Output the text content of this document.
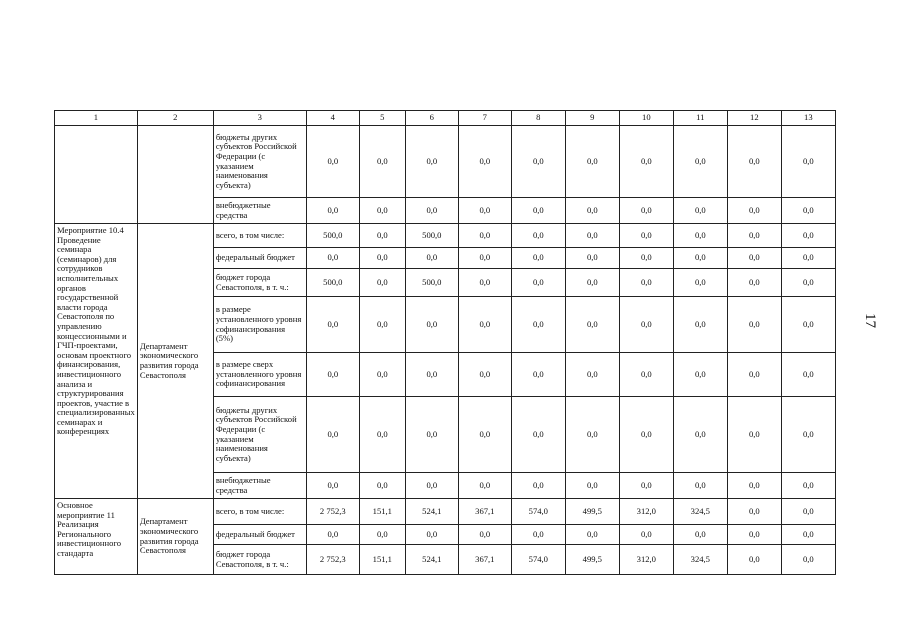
17
1	2	3	4	5	6	7	8	9	10	11	12	13
		бюджеты других субъектов Российской Федерации (с указанием наименования субъекта)	0,0	0,0	0,0	0,0	0,0	0,0	0,0	0,0	0,0	0,0
		внебюджетные средства	0,0	0,0	0,0	0,0	0,0	0,0	0,0	0,0	0,0	0,0
Мероприятие 10.4 Проведение семинара (семинаров) для сотрудников исполнительных органов государственной власти города Севастополя по управлению концессионными и ГЧП-проектами, основам проектного финансирования, инвестиционного анализа и структурирования проектов, участие в специализированных семинарах и конференциях	Департамент экономического развития города Севастополя	всего, в том числе:	500,0	0,0	500,0	0,0	0,0	0,0	0,0	0,0	0,0	0,0
		федеральный бюджет	0,0	0,0	0,0	0,0	0,0	0,0	0,0	0,0	0,0	0,0
		бюджет города Севастополя, в т. ч.:	500,0	0,0	500,0	0,0	0,0	0,0	0,0	0,0	0,0	0,0
		в размере установленного уровня софинансирования (5%)	0,0	0,0	0,0	0,0	0,0	0,0	0,0	0,0	0,0	0,0
		в размере сверх установленного уровня софинансирования	0,0	0,0	0,0	0,0	0,0	0,0	0,0	0,0	0,0	0,0
		бюджеты других субъектов Российской Федерации (с указанием наименования субъекта)	0,0	0,0	0,0	0,0	0,0	0,0	0,0	0,0	0,0	0,0
		внебюджетные средства	0,0	0,0	0,0	0,0	0,0	0,0	0,0	0,0	0,0	0,0
Основное мероприятие 11 Реализация Регионального инвестиционного стандарта	Департамент экономического развития города Севастополя	всего, в том числе:	2 752,3	151,1	524,1	367,1	574,0	499,5	312,0	324,5	0,0	0,0
		федеральный бюджет	0,0	0,0	0,0	0,0	0,0	0,0	0,0	0,0	0,0	0,0
		бюджет города Севастополя, в т. ч.:	2 752,3	151,1	524,1	367,1	574,0	499,5	312,0	324,5	0,0	0,0
